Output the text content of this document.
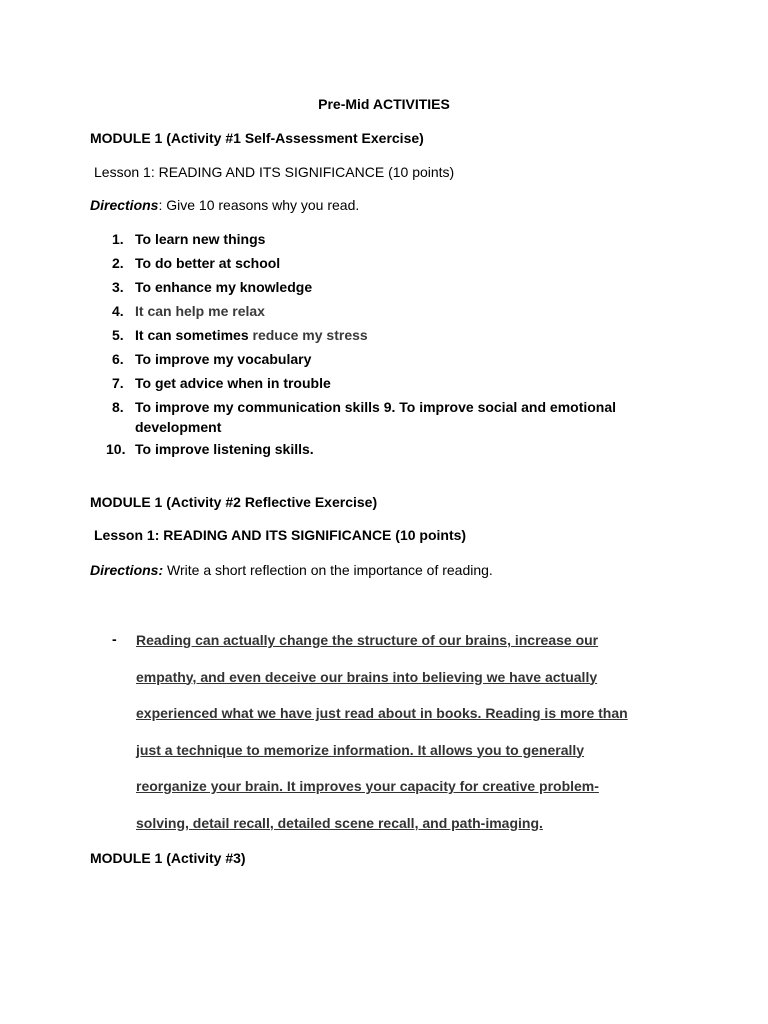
Pre-Mid ACTIVITIES

MODULE 1 (Activity #1 Self-Assessment Exercise)

Lesson 1: READING AND ITS SIGNIFICANCE (10 points)

Directions: Give 10 reasons why you read.

1. To learn new things
2. To do better at school
3. To enhance my knowledge
4. It can help me relax
5. It can sometimes reduce my stress
6. To improve my vocabulary
7. To get advice when in trouble
8. To improve my communication skills 9. To improve social and emotional development
10. To improve listening skills.

MODULE 1 (Activity #2 Reflective Exercise)

Lesson 1: READING AND ITS SIGNIFICANCE (10 points)

Directions: Write a short reflection on the importance of reading.

- Reading can actually change the structure of our brains, increase our
empathy, and even deceive our brains into believing we have actually
experienced what we have just read about in books. Reading is more than
just a technique to memorize information. It allows you to generally
reorganize your brain. It improves your capacity for creative problem-
solving, detail recall, detailed scene recall, and path-imaging.

MODULE 1 (Activity #3)
